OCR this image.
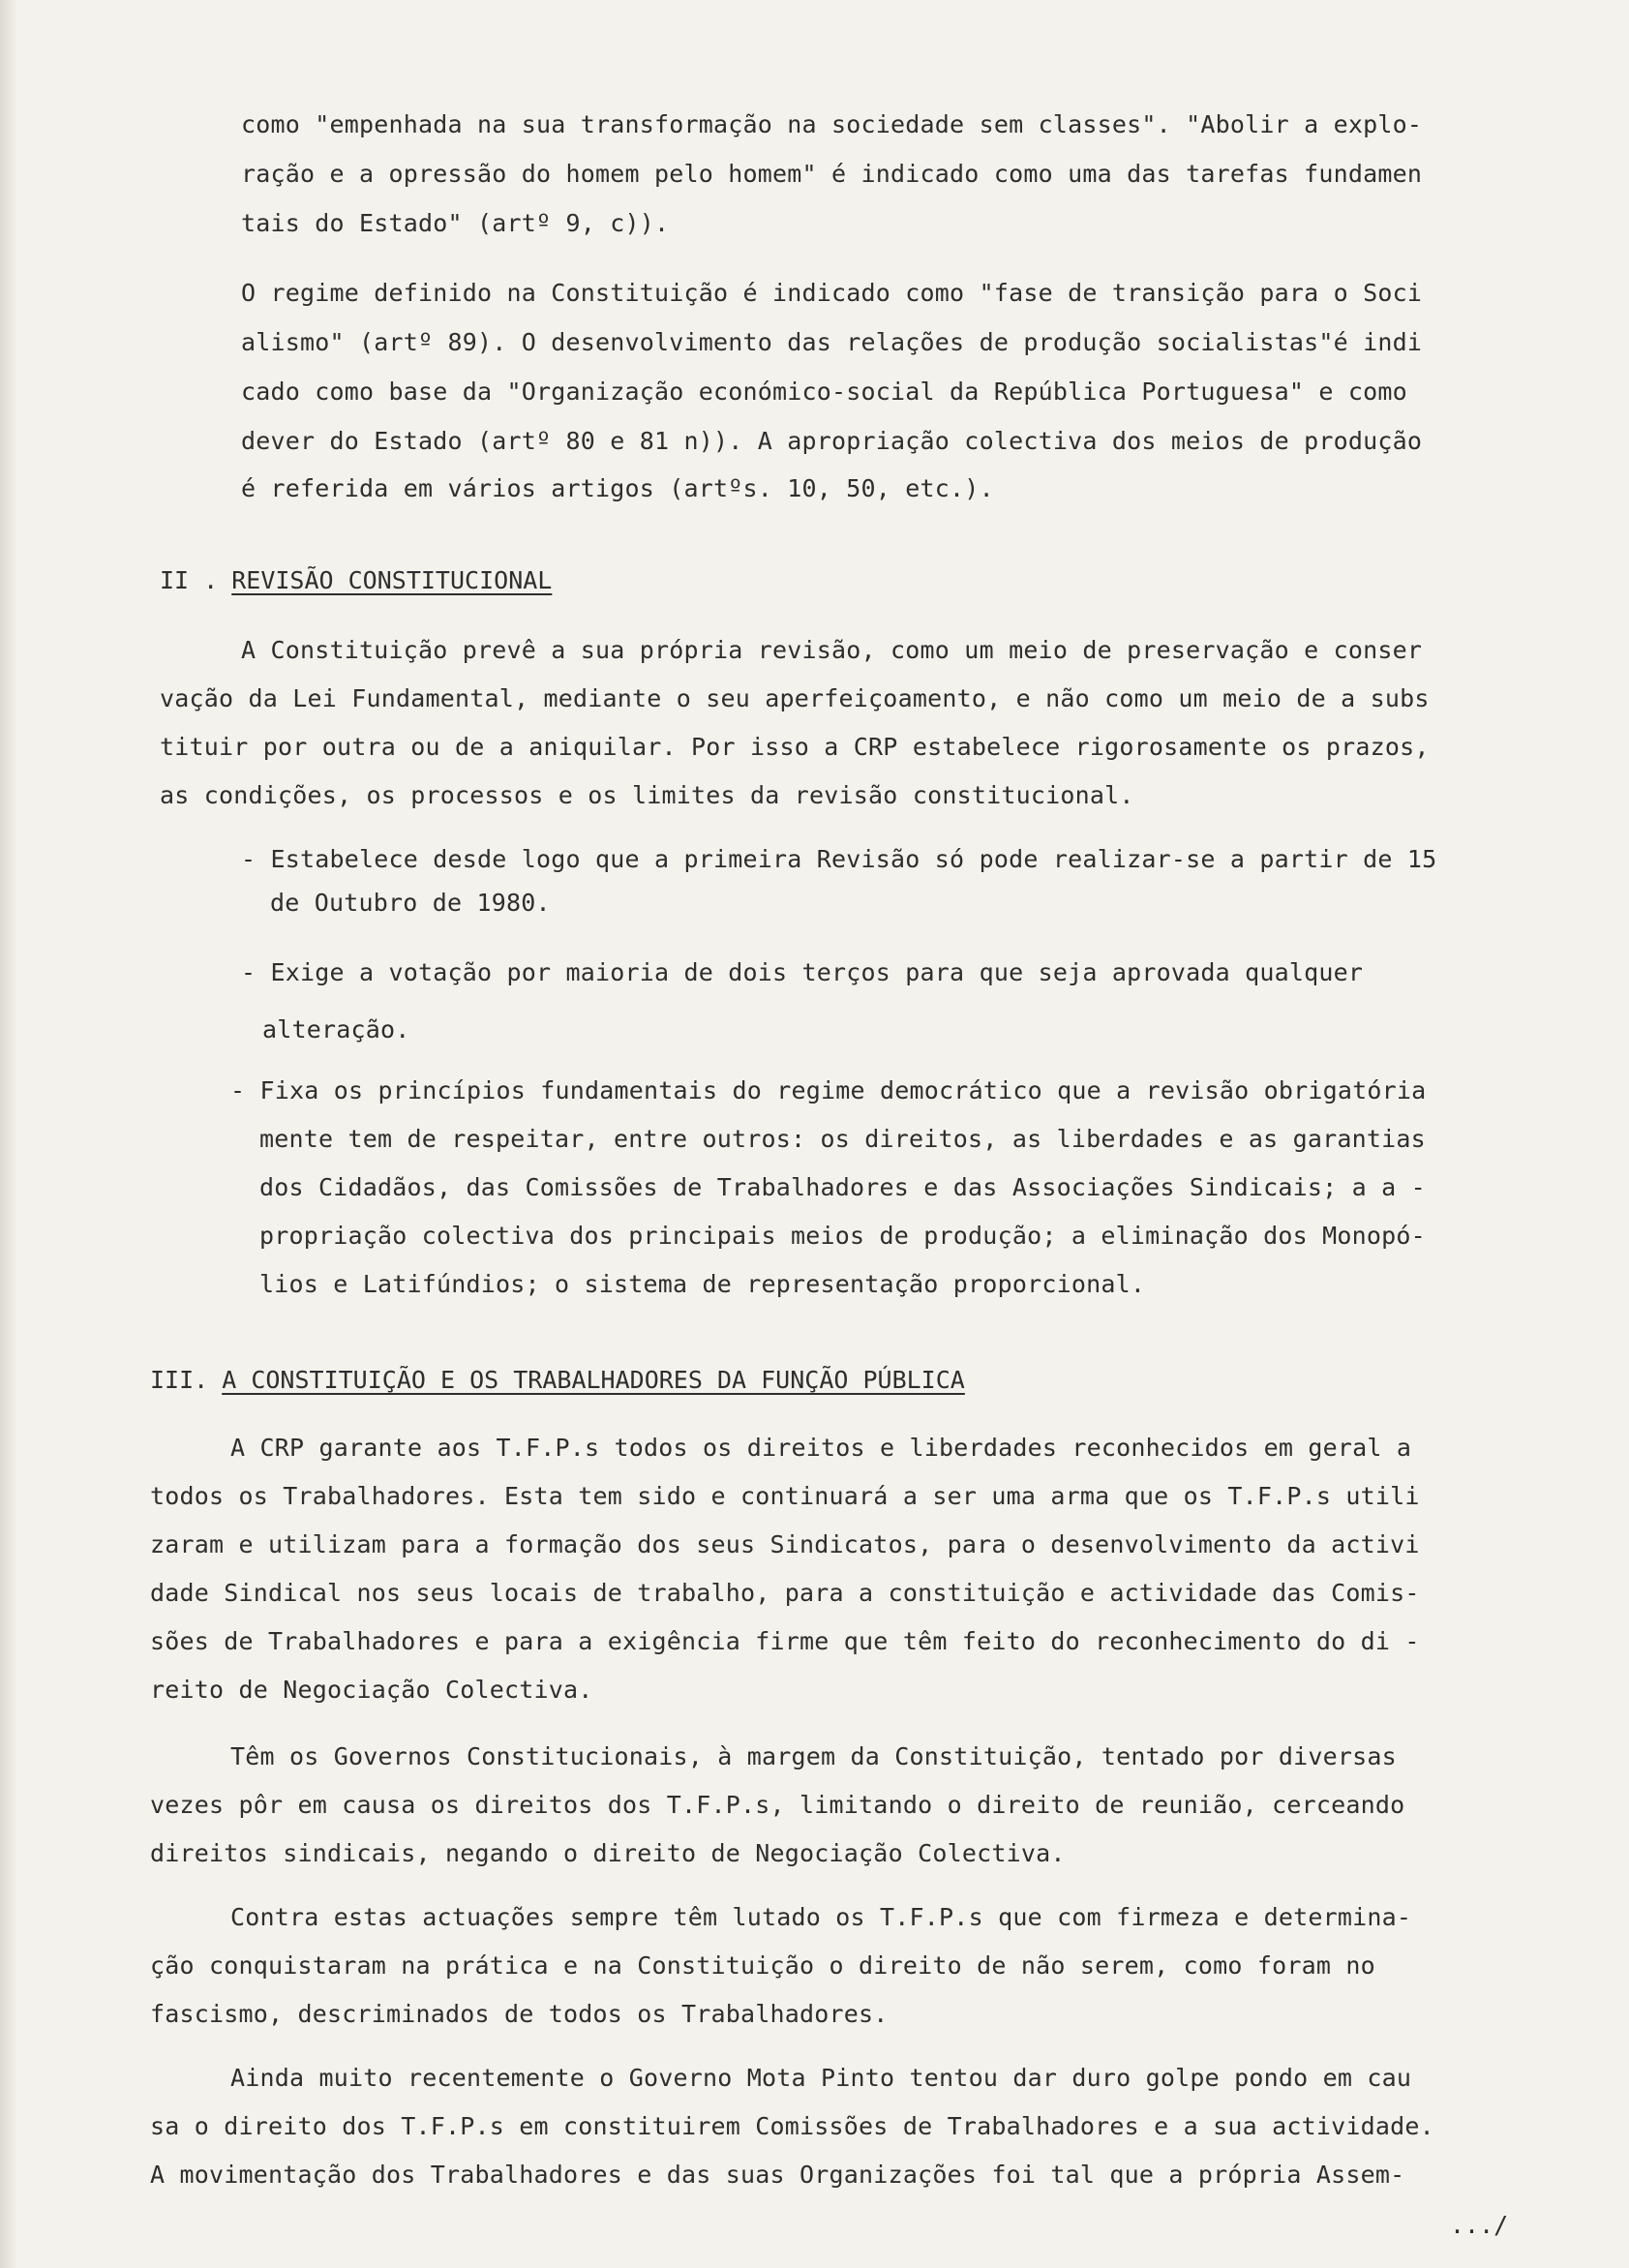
como "empenhada na sua transformação na sociedade sem classes". "Abolir a explo-
ração e a opressão do homem pelo homem" é indicado como uma das tarefas fundamen
tais do Estado" (artº 9, c)).
O regime definido na Constituição é indicado como "fase de transição para o Soci
alismo" (artº 89). O desenvolvimento das relações de produção socialistas"é indi
cado como base da "Organização económico-social da República Portuguesa" e como
dever do Estado (artº 80 e 81 n)). A apropriação colectiva dos meios de produção
é referida em vários artigos (artºs. 10, 50, etc.).
II . REVISÃO CONSTITUCIONAL
A Constituição prevê a sua própria revisão, como um meio de preservação e conser
vação da Lei Fundamental, mediante o seu aperfeiçoamento, e não como um meio de a subs
tituir por outra ou de a aniquilar. Por isso a CRP estabelece rigorosamente os prazos,
as condições, os processos e os limites da revisão constitucional.
- Estabelece desde logo que a primeira Revisão só pode realizar-se a partir de 15
de Outubro de 1980.
- Exige a votação por maioria de dois terços para que seja aprovada qualquer
alteração.
- Fixa os princípios fundamentais do regime democrático que a revisão obrigatória
mente tem de respeitar, entre outros: os direitos, as liberdades e as garantias
dos Cidadãos, das Comissões de Trabalhadores e das Associações Sindicais; a a -
propriação colectiva dos principais meios de produção; a eliminação dos Monopó-
lios e Latifúndios; o sistema de representação proporcional.
III. A CONSTITUIÇÃO E OS TRABALHADORES DA FUNÇÃO PÚBLICA
A CRP garante aos T.F.P.s todos os direitos e liberdades reconhecidos em geral a
todos os Trabalhadores. Esta tem sido e continuará a ser uma arma que os T.F.P.s utili
zaram e utilizam para a formação dos seus Sindicatos, para o desenvolvimento da activi
dade Sindical nos seus locais de trabalho, para a constituição e actividade das Comis-
sões de Trabalhadores e para a exigência firme que têm feito do reconhecimento do di -
reito de Negociação Colectiva.
Têm os Governos Constitucionais, à margem da Constituição, tentado por diversas
vezes pôr em causa os direitos dos T.F.P.s, limitando o direito de reunião, cerceando
direitos sindicais, negando o direito de Negociação Colectiva.
Contra estas actuações sempre têm lutado os T.F.P.s que com firmeza e determina-
ção conquistaram na prática e na Constituição o direito de não serem, como foram no
fascismo, descriminados de todos os Trabalhadores.
Ainda muito recentemente o Governo Mota Pinto tentou dar duro golpe pondo em cau
sa o direito dos T.F.P.s em constituirem Comissões de Trabalhadores e a sua actividade.
A movimentação dos Trabalhadores e das suas Organizações foi tal que a própria Assem-
.../
